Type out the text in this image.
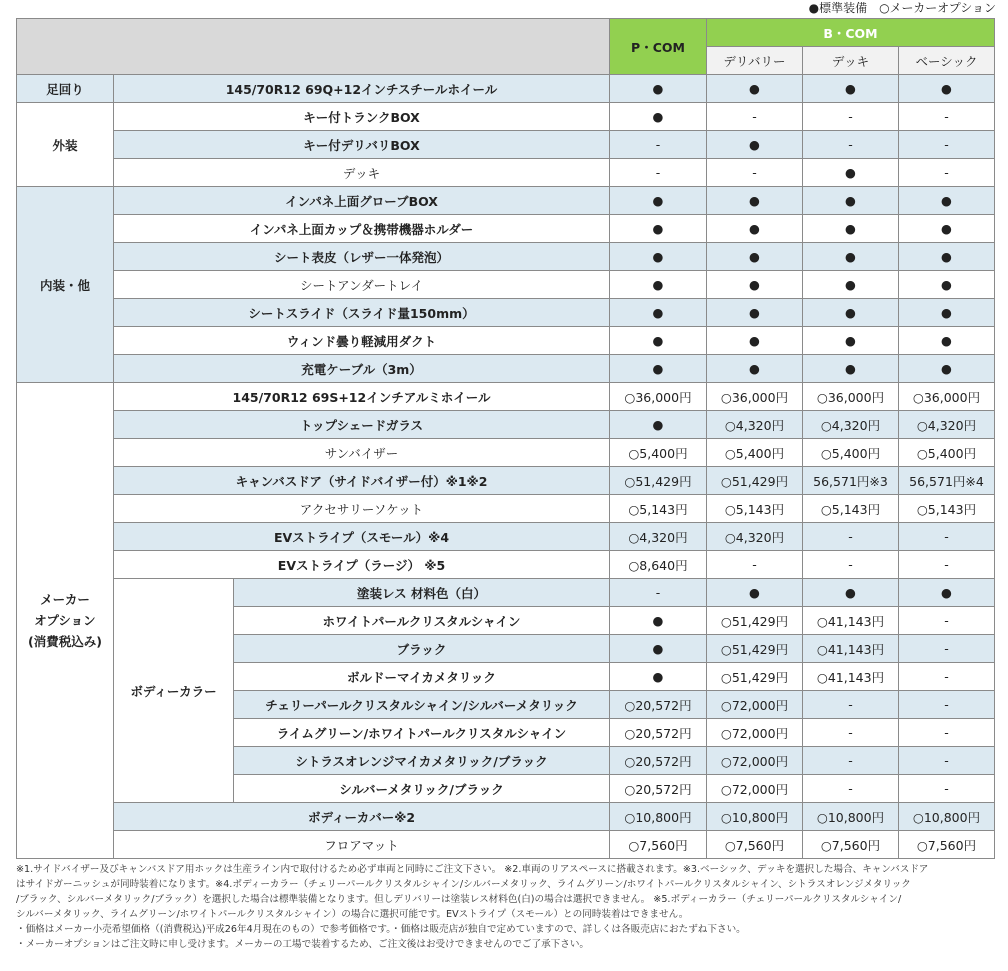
●標準装備　○メーカーオプション
			P・COM	B・COM		
				デリバリー	デッキ	ベーシック
足回り	145/70R12 69Q+12インチスチールホイール		●	●	●	●
外装	キー付トランクBOX		●	-	-	-
	キー付デリバリBOX		-	●	-	-
	デッキ		-	-	●	-
内装・他	インパネ上面グローブBOX		●	●	●	●
	インパネ上面カップ＆携帯機器ホルダー		●	●	●	●
	シート表皮（レザー一体発泡）		●	●	●	●
	シートアンダートレイ		●	●	●	●
	シートスライド（スライド量150mm）		●	●	●	●
	ウィンド曇り軽減用ダクト		●	●	●	●
	充電ケーブル（3m）		●	●	●	●

メーカー
オプション
(消費税込み)	145/70R12 69S+12インチアルミホイール		○36,000円	○36,000円	○36,000円	○36,000円
	トップシェードガラス		●	○4,320円	○4,320円	○4,320円
	サンバイザー		○5,400円	○5,400円	○5,400円	○5,400円
	キャンバスドア（サイドバイザー付）※1※2		○51,429円	○51,429円	56,571円※3	56,571円※4
	アクセサリーソケット		○5,143円	○5,143円	○5,143円	○5,143円
	EVストライプ（スモール）※4		○4,320円	○4,320円	-	-
	EVストライプ（ラージ） ※5		○8,640円	-	-	-
	ボディーカラー	塗装レス 材料色（白）	-	●	●	●
		ホワイトパールクリスタルシャイン	●	○51,429円	○41,143円	-
		ブラック	●	○51,429円	○41,143円	-
		ボルドーマイカメタリック	●	○51,429円	○41,143円	-
		チェリーパールクリスタルシャイン/シルバーメタリック	○20,572円	○72,000円	-	-
		ライムグリーン/ホワイトパールクリスタルシャイン	○20,572円	○72,000円	-	-
		シトラスオレンジマイカメタリック/ブラック	○20,572円	○72,000円	-	-
		シルバーメタリック/ブラック	○20,572円	○72,000円	-	-
	ボディーカバー※2		○10,800円	○10,800円	○10,800円	○10,800円
	フロアマット		○7,560円	○7,560円	○7,560円	○7,560円
※1.サイドバイザー及びキャンバスドア用ホックは生産ライン内で取付けるため必ず車両と同時にご注文下さい。 ※2.車両のリアスペースに搭載されます。※3.ベーシック、デッキを選択した場合、キャンバスドア
はサイドガーニッシュが同時装着になります。※4.ボディーカラー（チェリーパールクリスタルシャイン/シルバーメタリック、ライムグリーン/ホワイトパールクリスタルシャイン、シトラスオレンジメタリック
/ブラック、シルバーメタリック/ブラック）を選択した場合は標準装備となります。但しデリバリーは塗装レス材料色(白)の場合は選択できません。 ※5.ボディーカラー（チェリーパールクリスタルシャイン/
シルバーメタリック、ライムグリーン/ホワイトパールクリスタルシャイン）の場合に選択可能です。EVストライプ（スモール）との同時装着はできません。
・価格はメーカー小売希望価格（(消費税込)平成26年4月現在のもの）で参考価格です。・価格は販売店が独自で定めていますので、詳しくは各販売店におたずね下さい。
・メーカーオプションはご注文時に申し受けます。メーカーの工場で装着するため、ご注文後はお受けできませんのでご了承下さい。
